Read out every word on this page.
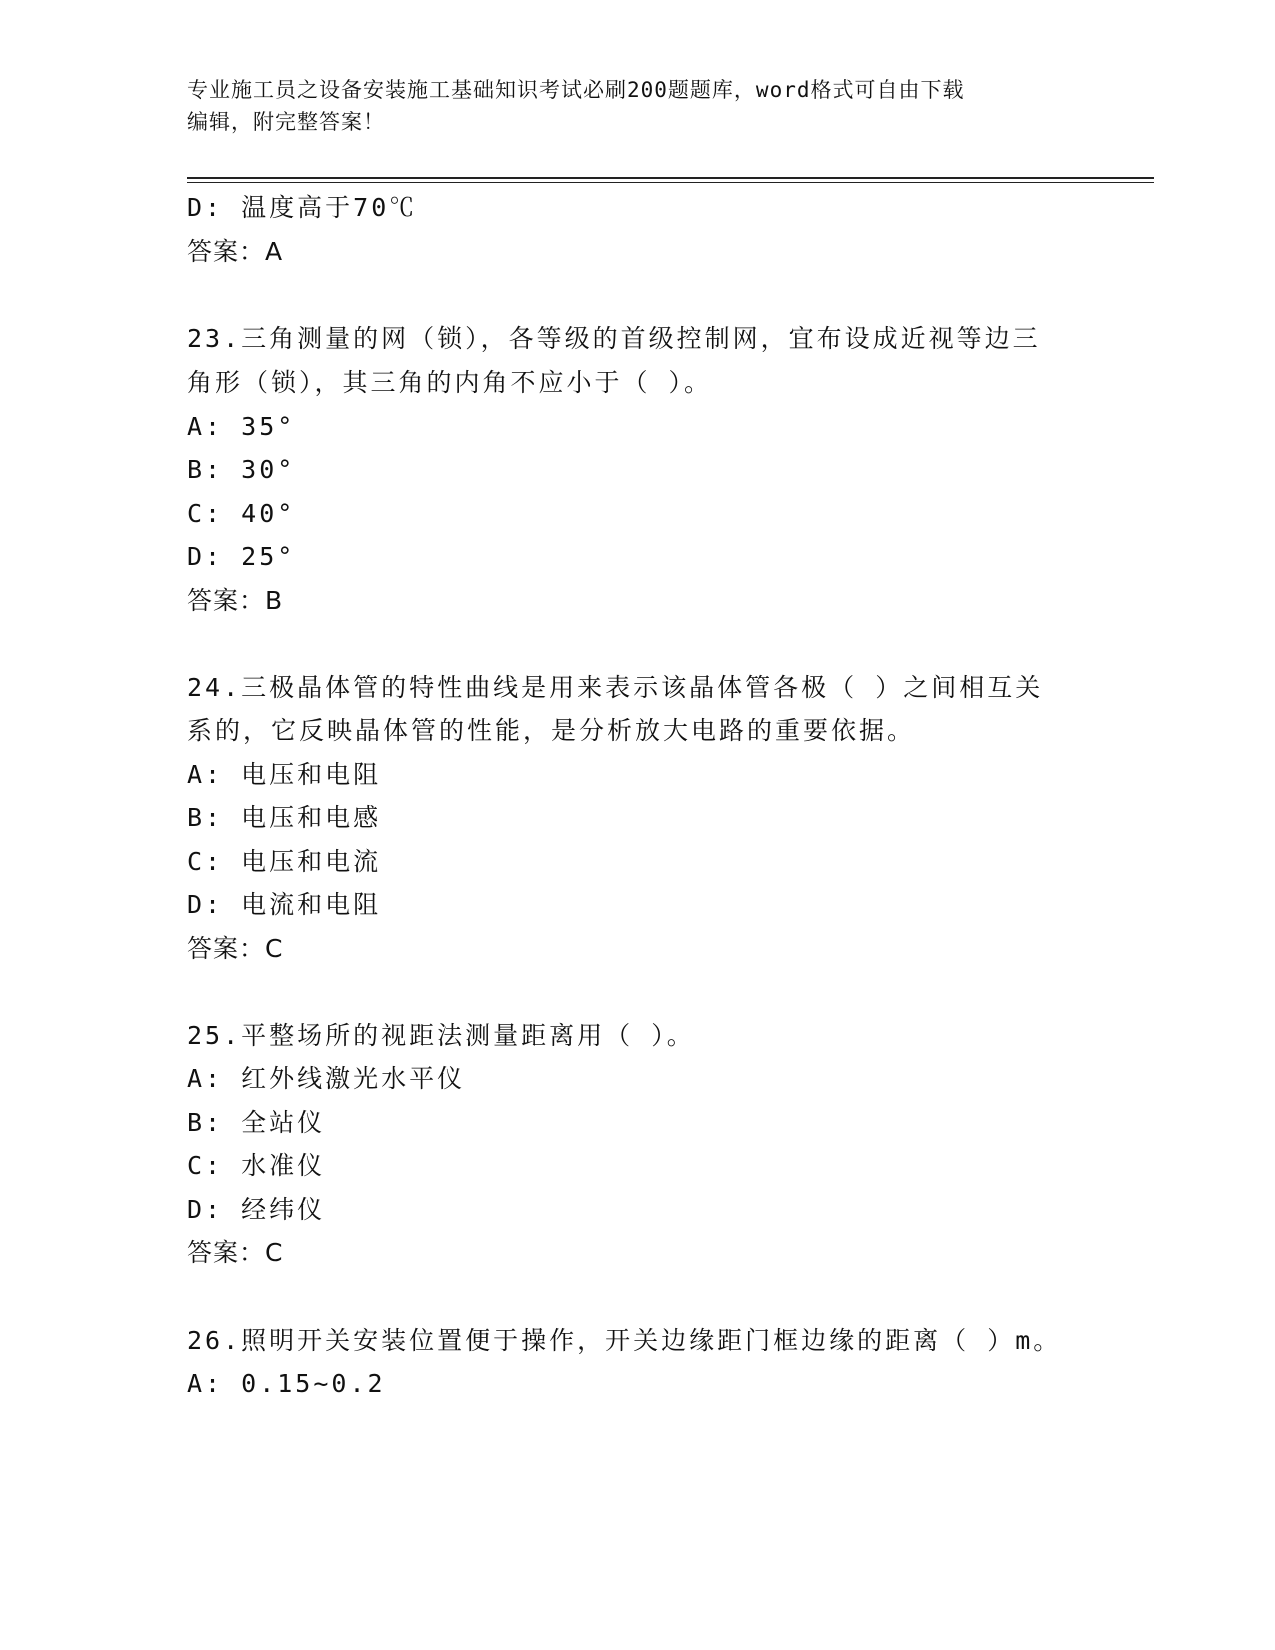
专业施工员之设备安装施工基础知识考试必刷200题题库，word格式可自由下载
编辑，附完整答案！
D: 温度高于70℃
答案：A
23.三角测量的网（锁），各等级的首级控制网，宜布设成近视等边三
角形（锁），其三角的内角不应小于（ ）。
A: 35°
B: 30°
C: 40°
D: 25°
答案：B
24.三极晶体管的特性曲线是用来表示该晶体管各极（ ）之间相互关
系的，它反映晶体管的性能，是分析放大电路的重要依据。
A: 电压和电阻
B: 电压和电感
C: 电压和电流
D: 电流和电阻
答案：C
25.平整场所的视距法测量距离用（ ）。
A: 红外线激光水平仪
B: 全站仪
C: 水准仪
D: 经纬仪
答案：C
26.照明开关安装位置便于操作，开关边缘距门框边缘的距离（ ）m。
A: 0.15~0.2
